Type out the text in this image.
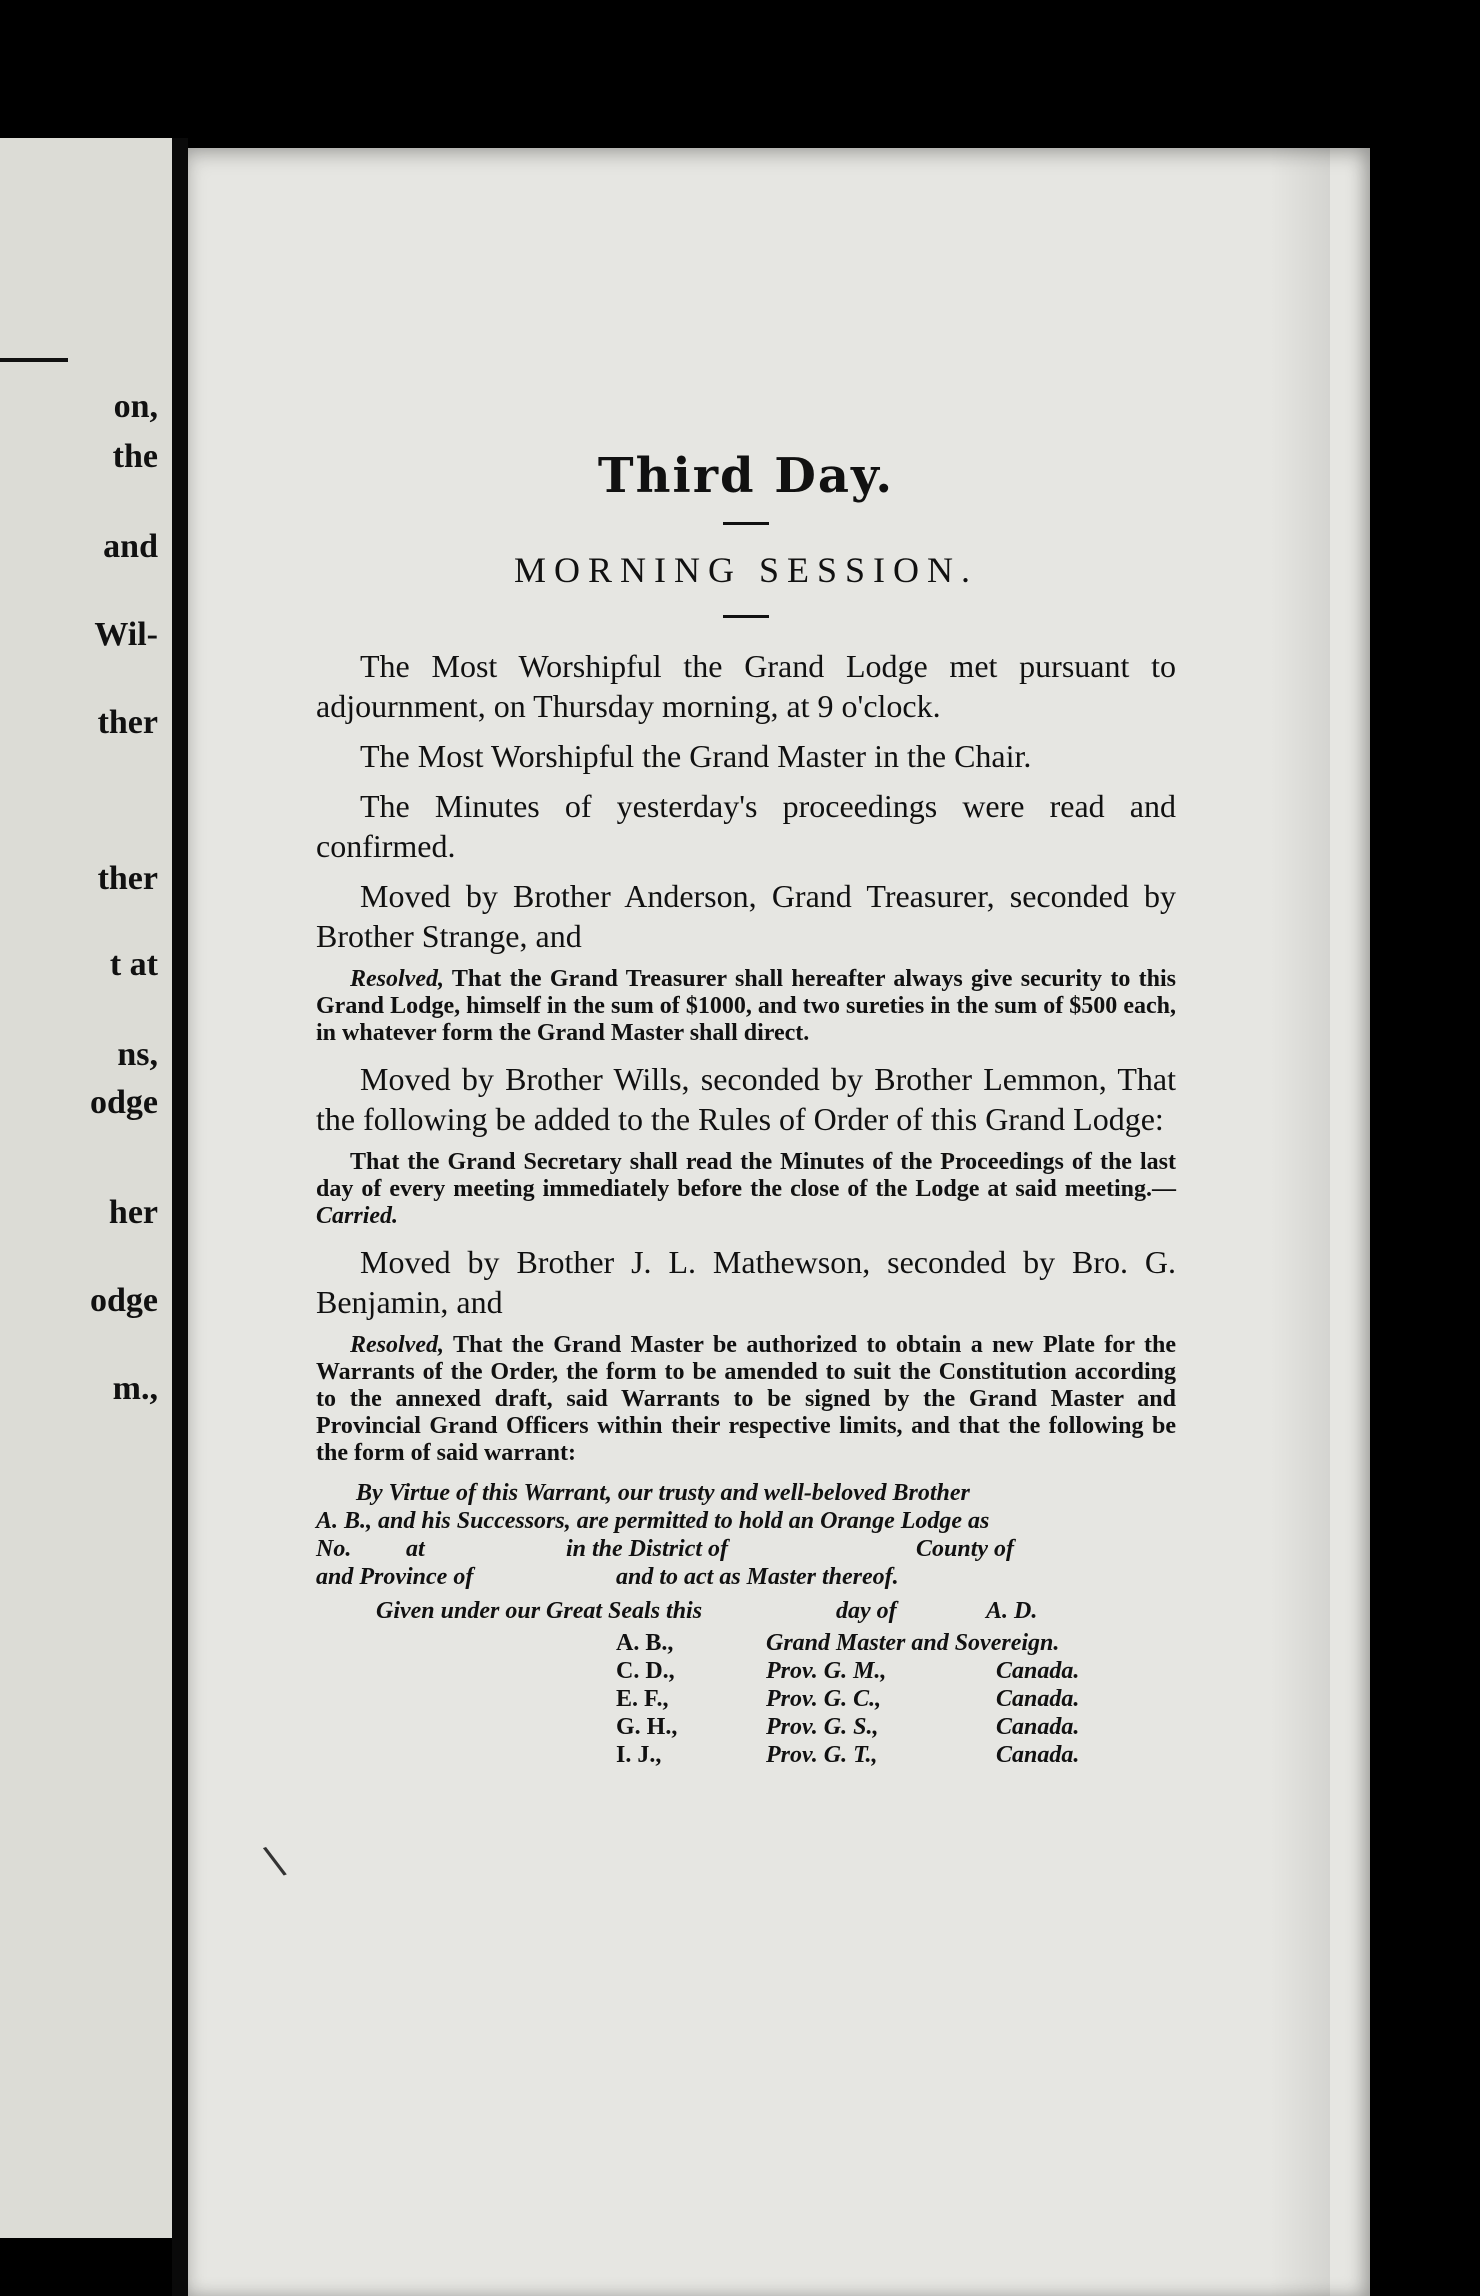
on,
the
and
Wil-
ther
ther
t at
ns,
odge
her
odge
m.,
Third Day.
MORNING SESSION.

The Most Worshipful the Grand Lodge met pursuant to adjournment, on Thursday morning, at 9 o'clock.

The Most Worshipful the Grand Master in the Chair.

The Minutes of yesterday's proceedings were read and confirmed.

Moved by Brother Anderson, Grand Treasurer, seconded by Brother Strange, and

Resolved, That the Grand Treasurer shall hereafter always give security to this Grand Lodge, himself in the sum of $1000, and two sureties in the sum of $500 each, in whatever form the Grand Master shall direct.

Moved by Brother Wills, seconded by Brother Lemmon, That the following be added to the Rules of Order of this Grand Lodge:

That the Grand Secretary shall read the Minutes of the Proceedings of the last day of every meeting immediately before the close of the Lodge at said meeting.—Carried.

Moved by Brother J. L. Mathewson, seconded by Bro. G. Benjamin, and

Resolved, That the Grand Master be authorized to obtain a new Plate for the Warrants of the Order, the form to be amended to suit the Constitution according to the annexed draft, said Warrants to be signed by the Grand Master and Provincial Grand Officers within their respective limits, and that the following be the form of said warrant:

By Virtue of this Warrant, our trusty and well-beloved Brother
A. B., and his Successors, are permitted to hold an Orange Lodge as
No. at	in the District of	County of
and Province of	and to act as Master thereof.
Given under our Great Seals this	day of	A. D.
A. B.,	Grand Master and Sovereign.	
C. D.,	Prov. G. M.,	Canada.
E. F.,	Prov. G. C.,	Canada.
G. H.,	Prov. G. S.,	Canada.
I. J.,	Prov. G. T.,	Canada.
\
